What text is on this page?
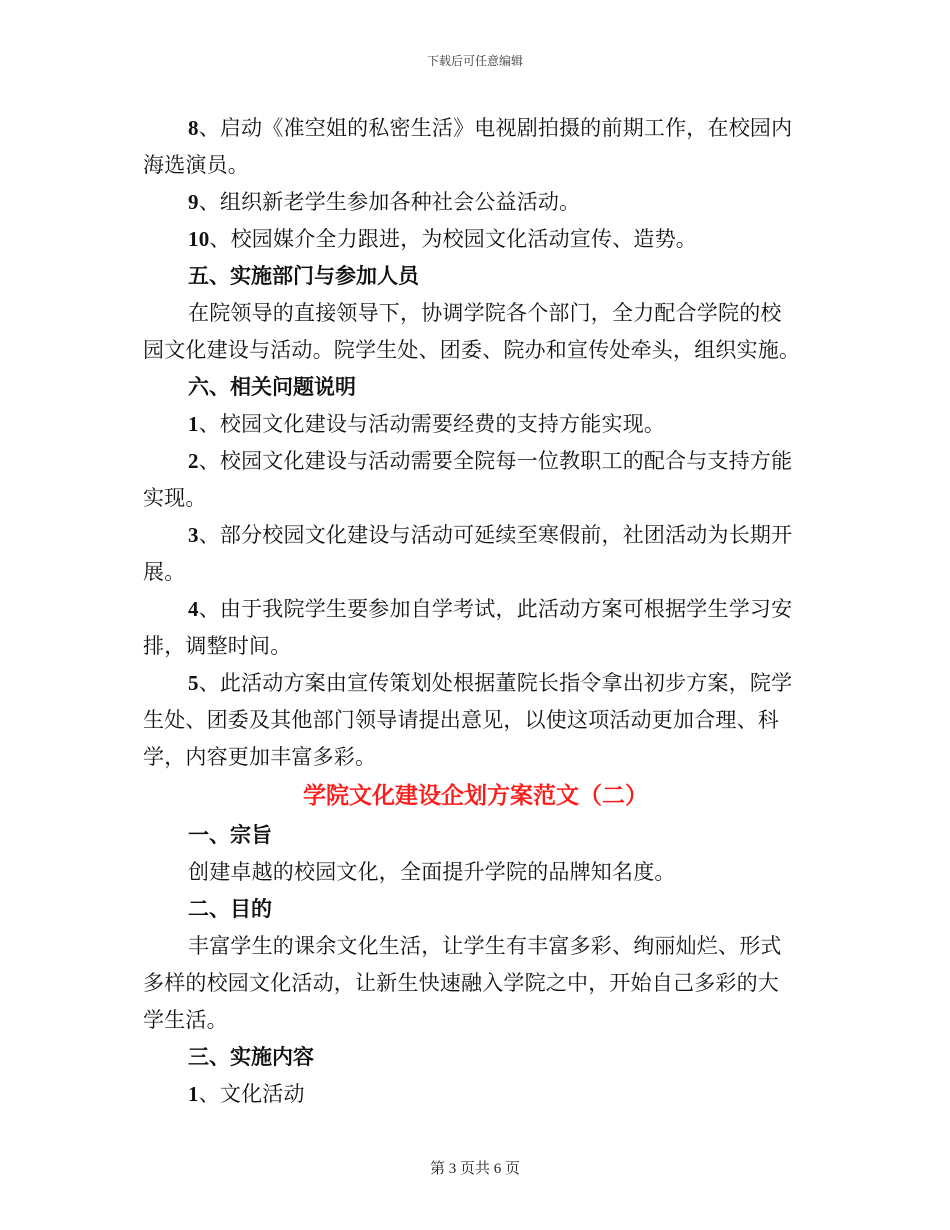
下载后可任意编辑
8、启动《准空姐的私密生活》电视剧拍摄的前期工作，在校园内
海选演员。
9、组织新老学生参加各种社会公益活动。
10、校园媒介全力跟进，为校园文化活动宣传、造势。
五、实施部门与参加人员
在院领导的直接领导下，协调学院各个部门，全力配合学院的校
园文化建设与活动。院学生处、团委、院办和宣传处牵头，组织实施。
六、相关问题说明
1、校园文化建设与活动需要经费的支持方能实现。
2、校园文化建设与活动需要全院每一位教职工的配合与支持方能
实现。
3、部分校园文化建设与活动可延续至寒假前，社团活动为长期开
展。
4、由于我院学生要参加自学考试，此活动方案可根据学生学习安
排，调整时间。
5、此活动方案由宣传策划处根据董院长指令拿出初步方案，院学
生处、团委及其他部门领导请提出意见，以使这项活动更加合理、科
学，内容更加丰富多彩。
学院文化建设企划方案范文（二）
一、宗旨
创建卓越的校园文化，全面提升学院的品牌知名度。
二、目的
丰富学生的课余文化生活，让学生有丰富多彩、绚丽灿烂、形式
多样的校园文化活动，让新生快速融入学院之中，开始自己多彩的大
学生活。
三、实施内容
1、文化活动
第 3 页共 6 页
